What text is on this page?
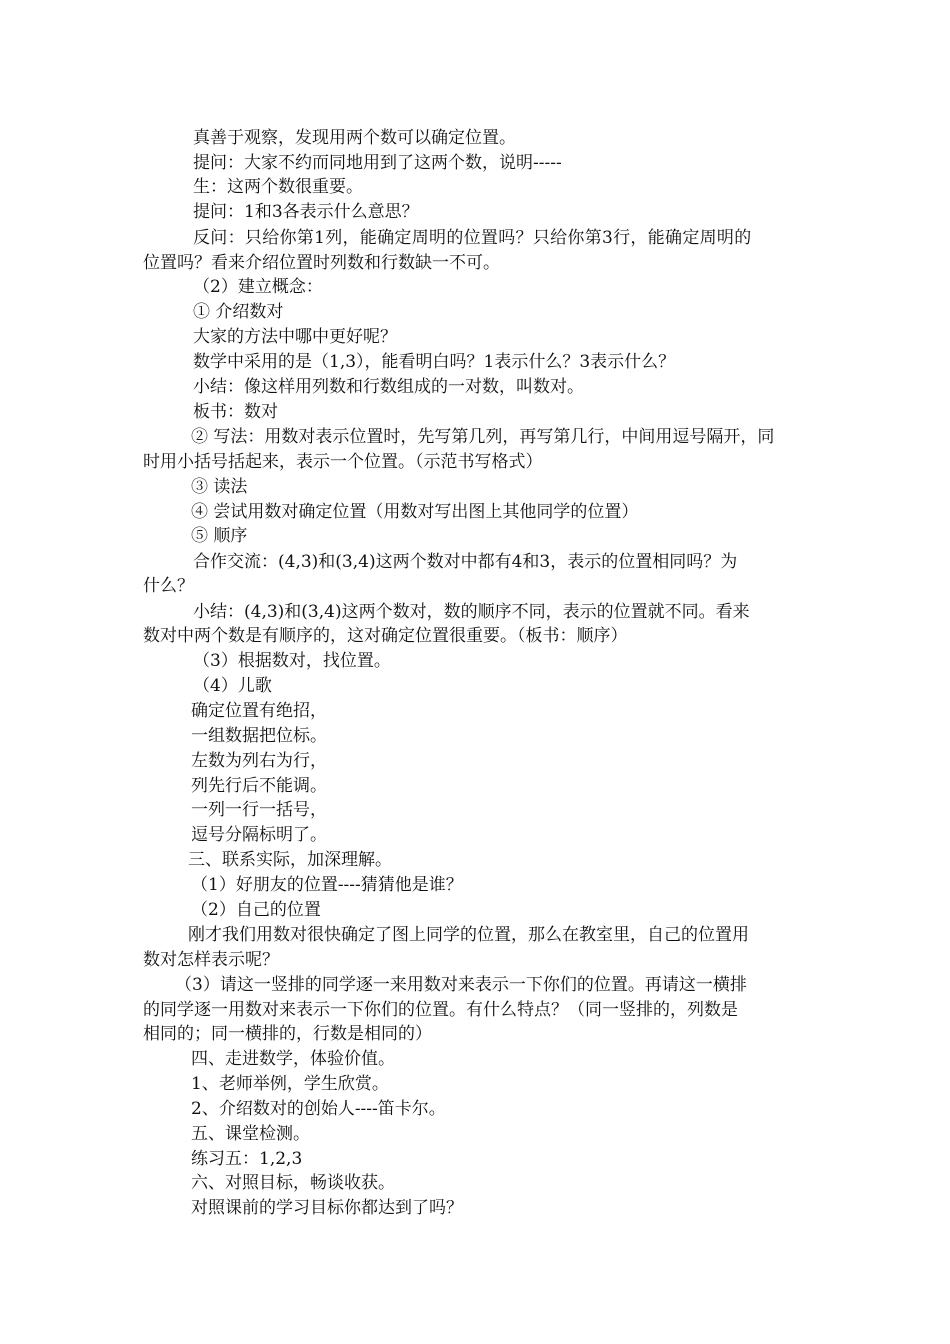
真善于观察，发现用两个数可以确定位置。
提问：大家不约而同地用到了这两个数，说明-----
生：这两个数很重要。
提问：1和3各表示什么意思？
反问：只给你第1列，能确定周明的位置吗？只给你第3行，能确定周明的
位置吗？看来介绍位置时列数和行数缺一不可。
（2）建立概念：
① 介绍数对
大家的方法中哪中更好呢？
数学中采用的是（1,3），能看明白吗？1表示什么？3表示什么？
小结：像这样用列数和行数组成的一对数，叫数对。
板书：数对
② 写法：用数对表示位置时，先写第几列，再写第几行，中间用逗号隔开，同
时用小括号括起来，表示一个位置。（示范书写格式）
③ 读法
④ 尝试用数对确定位置（用数对写出图上其他同学的位置）
⑤ 顺序
合作交流：(4,3)和(3,4)这两个数对中都有4和3，表示的位置相同吗？为
什么？
小结：(4,3)和(3,4)这两个数对，数的顺序不同，表示的位置就不同。看来
数对中两个数是有顺序的，这对确定位置很重要。（板书：顺序）
（3）根据数对，找位置。
（4）儿歌
确定位置有绝招，
一组数据把位标。
左数为列右为行，
列先行后不能调。
一列一行一括号，
逗号分隔标明了。
三、联系实际，加深理解。
（1）好朋友的位置----猜猜他是谁？
（2）自己的位置
刚才我们用数对很快确定了图上同学的位置，那么在教室里，自己的位置用
数对怎样表示呢？
（3）请这一竖排的同学逐一来用数对来表示一下你们的位置。再请这一横排
的同学逐一用数对来表示一下你们的位置。有什么特点？（同一竖排的，列数是
相同的；同一横排的，行数是相同的）
四、走进数学，体验价值。
1、老师举例，学生欣赏。
2、介绍数对的创始人----笛卡尔。
五、课堂检测。
练习五：1,2,3
六、对照目标，畅谈收获。
对照课前的学习目标你都达到了吗？
